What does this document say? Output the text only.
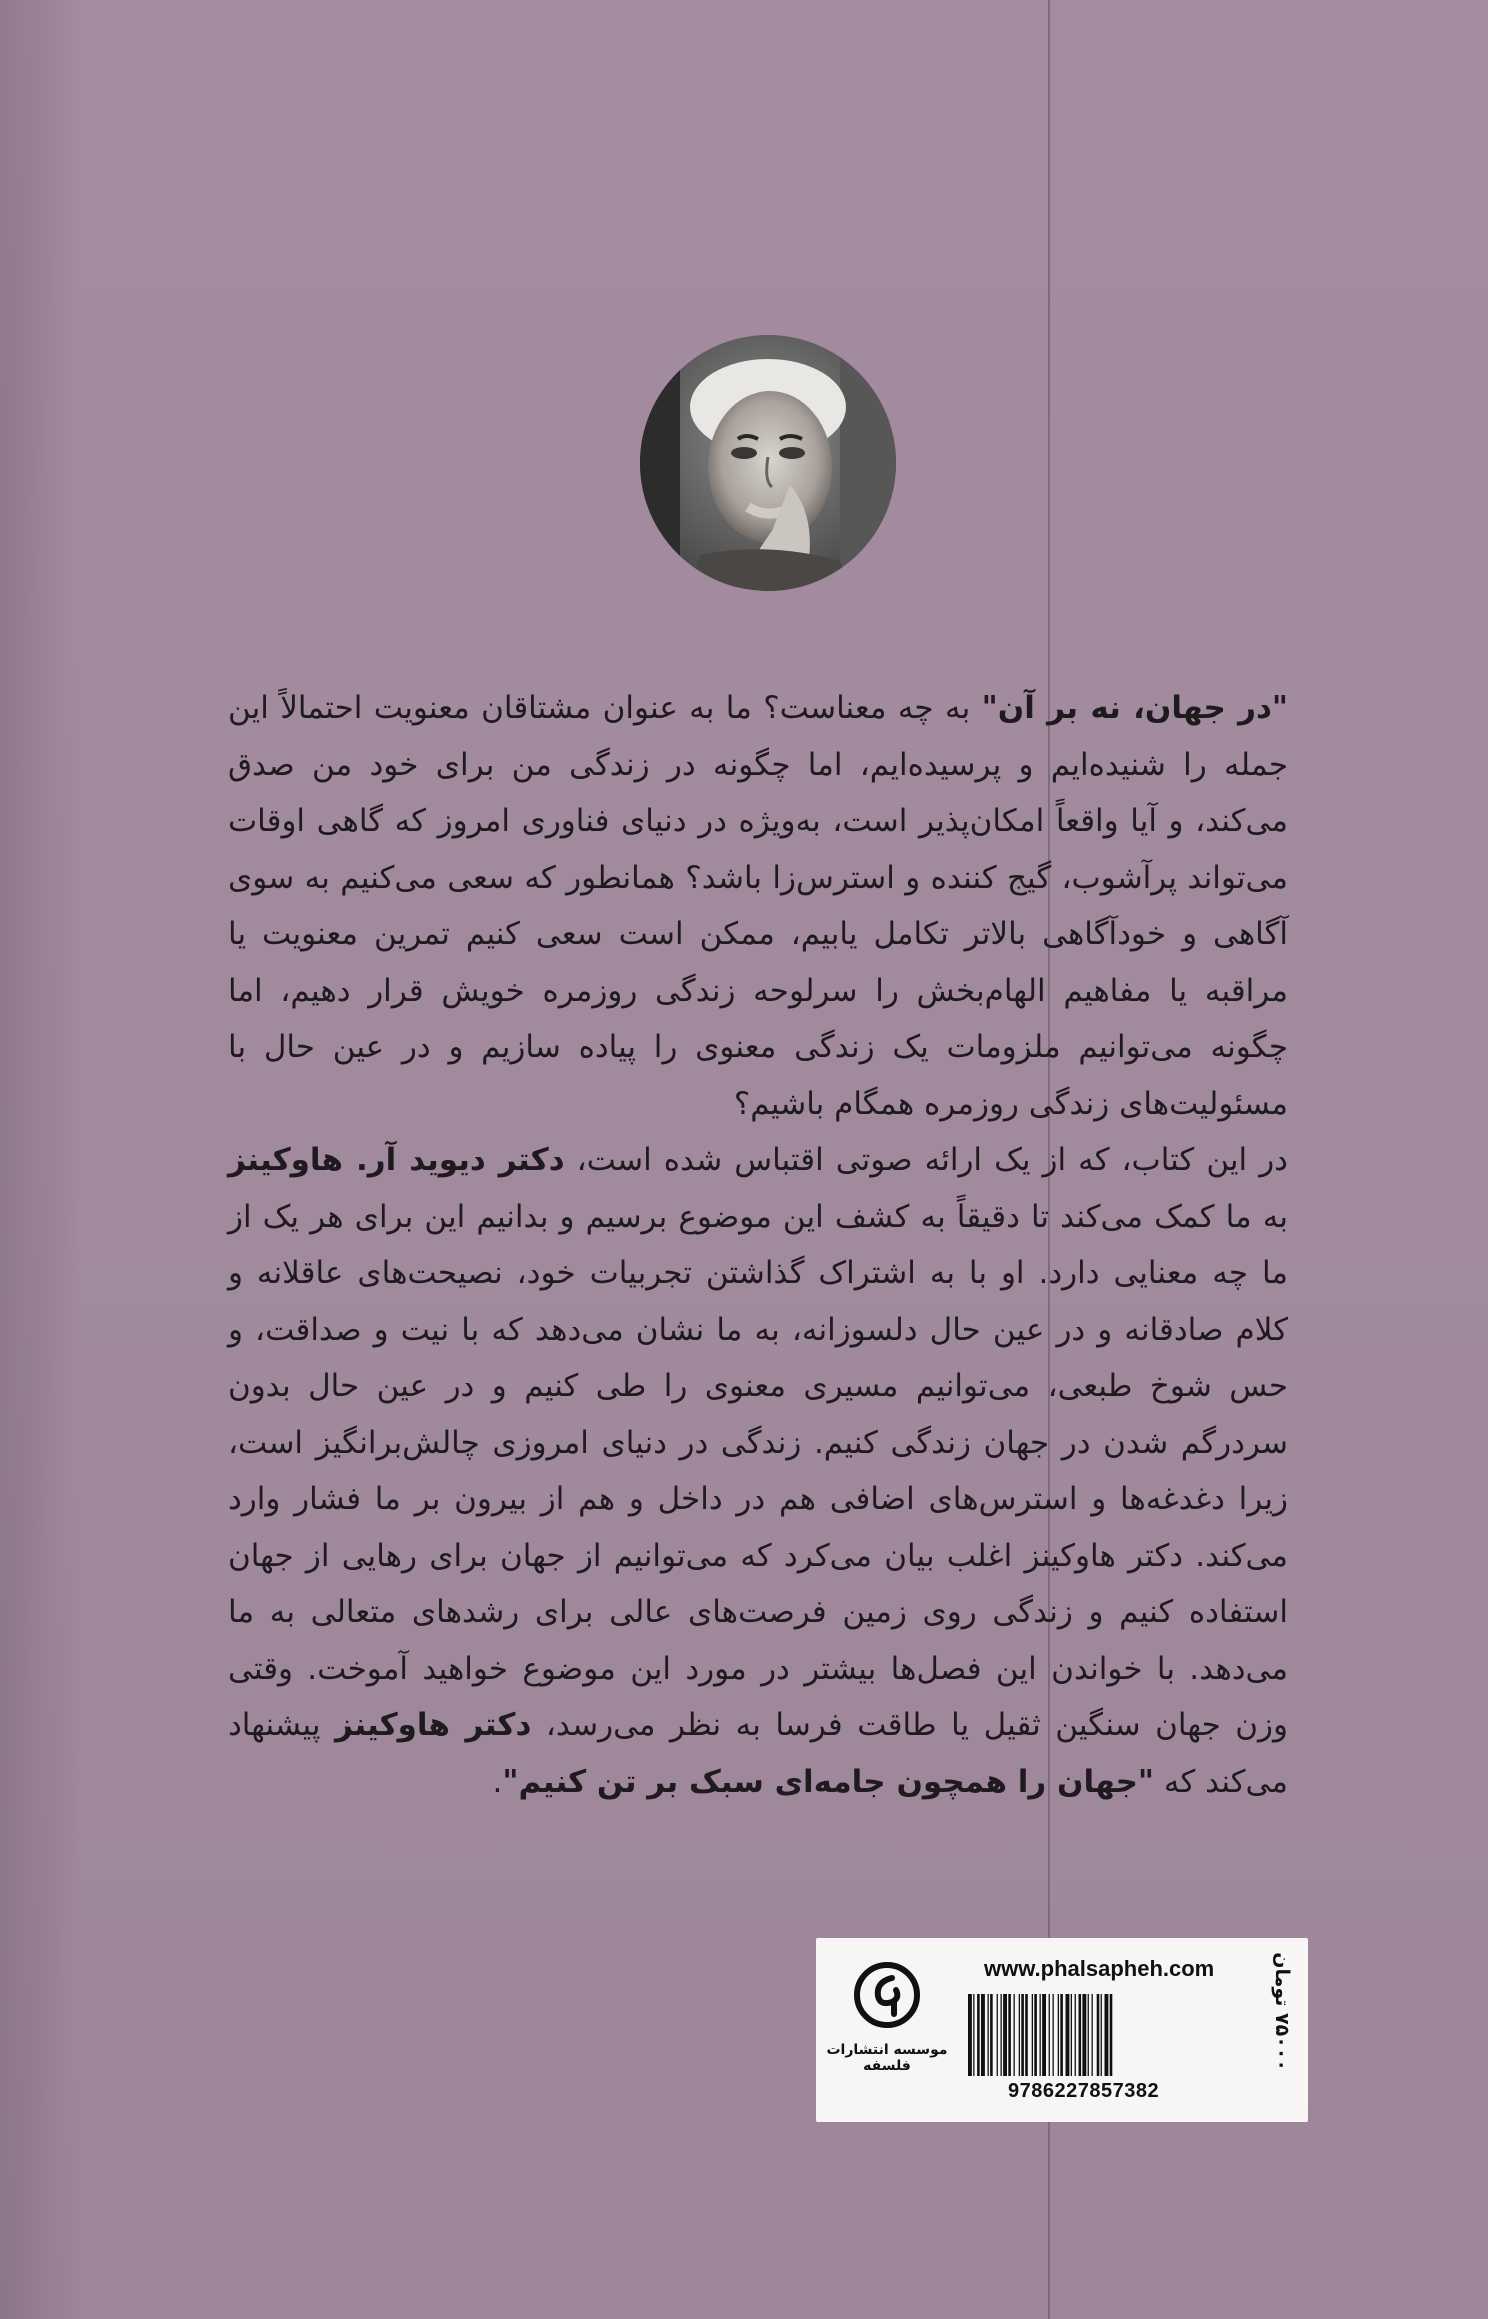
"در جهان، نه بر آن" به چه معناست؟ ما به عنوان مشتاقان معنویت احتمالاً این جمله را شنیده‌ایم و پرسیده‌ایم، اما چگونه در زندگی من برای خود من صدق می‌کند، و آیا واقعاً امکان‌پذیر است، به‌ویژه در دنیای فناوری امروز که گاهی اوقات می‌تواند پرآشوب، گیج کننده و استرس‌زا باشد؟ همانطور که سعی می‌کنیم به سوی آگاهی و خودآگاهی بالاتر تکامل یابیم، ممکن است سعی کنیم تمرین معنویت یا مراقبه یا مفاهیم الهام‌بخش را سرلوحه زندگی روزمره خویش قرار دهیم، اما چگونه می‌توانیم ملزومات یک زندگی معنوی را پیاده سازیم و در عین حال با مسئولیت‌های زندگی روزمره همگام باشیم؟

در این کتاب، که از یک ارائه صوتی اقتباس شده است، دکتر دیوید آر. هاوکینز به ما کمک می‌کند تا دقیقاً به کشف این موضوع برسیم و بدانیم این برای هر یک از ما چه معنایی دارد. او با به اشتراک گذاشتن تجربیات خود، نصیحت‌های عاقلانه و کلام صادقانه و در عین حال دلسوزانه، به ما نشان می‌دهد که با نیت و صداقت، و حس شوخ طبعی، می‌توانیم مسیری معنوی را طی کنیم و در عین حال بدون سردرگم شدن در جهان زندگی کنیم. زندگی در دنیای امروزی چالش‌برانگیز است، زیرا دغدغه‌ها و استرس‌های اضافی هم در داخل و هم از بیرون بر ما فشار وارد می‌کند. دکتر هاوکینز اغلب بیان می‌کرد که می‌توانیم از جهان برای رهایی از جهان استفاده کنیم و زندگی روی زمین فرصت‌های عالی برای رشدهای متعالی به ما می‌دهد. با خواندن این فصل‌ها بیشتر در مورد این موضوع خواهید آموخت. وقتی وزن جهان سنگین ثقیل یا طاقت فرسا به نظر می‌رسد، دکتر هاوکینز پیشنهاد می‌کند که "جهان را همچون جامه‌ای سبک بر تن کنیم".

www.phalsapheh.com
9786227857382
۷۵۰۰۰ تومان
موسسه انتشارات فلسفه
